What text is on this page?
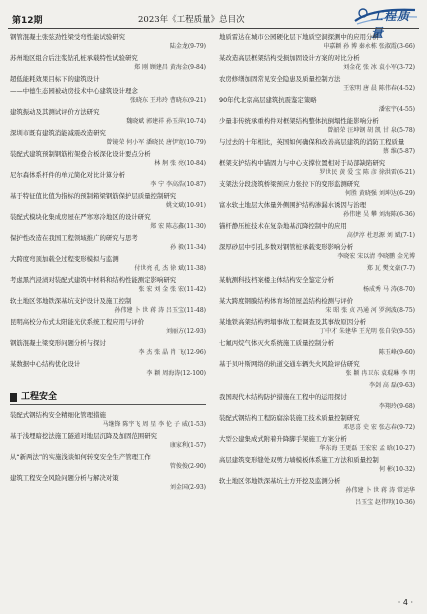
第12期	2023年《工程质量》总目次	工程质量
钢管混凝土张弦劲性梁受弯性能试验研究
陆金龙(9-79)
苏州地区组合后注浆钻孔桩承载特性试验研究
郑 刚 顾建昌 黄海金(9-84)
超低能耗效果目标下的建筑设计
——中德生态园被动房技术中心建筑设计理念
张晓东 王玮玲 曹晓东(9-21)
建筑振动及其测试评价方法研究
魏晓斌 郭建祥 孙玉萍(10-74)
深圳市既有建筑消能减震改造研究
曾镜荣 何小军 潘晓民 唐伊宽(10-79)
装配式建筑预制钢筋桁架叠合板深化设计要点分析
林 舸 张 亮(10-84)
尼尔森体系杆件的单元简化对比计算分析
李 宁 李高浩(10-87)
基于特征值比值为指标的预制箱梁钢筋保护层质量控制研究
姚文斌(10-91)
装配式模块化集成房屋在严寒寒冷地区的设计研究
郑 宏 陈志鑫(11-30)
保护性改造在我国工程领域推广的研究与思考
孙 毅(11-34)
大跨度弯顶加载全过程变形模拟与监测
付世亮 孔 杰 徐 斌(11-38)
考虑黑汽浸渍对装配式建筑中材料和结构性能测定影响研究
张 宏 刘 金 张 宏(11-42)
软土地区邻地铁深基坑支护设计及施工控制
孙伟建 卜 世 蒋 涛 吕玉宝(11-48)
昆明高校分布式太阳能光伏系统工程应用与评价
刘丽方(12-93)
钢筋混凝土梁变形问题分析与探讨
李 杰 张 晶 肖 飞(12-96)
某数据中心结构优化设计
李 颖 周海涛(12-100)
工程安全
装配式钢结构安全精细化管理措施
马继锋 陈宇飞 周 星 李 伦 子 威(1-53)
基于浅埋暗挖法施工隧道对地层沉降及加固范围研究
康家利(1-57)
从“新两法”的实施浅谈如何转变安全生产管理工作
管俊俊(2-90)
建筑工程安全风险问题分析与解决对策
刘金国(2-93)
地质雷达在城市公园硬化层下地质空洞探测中的应用分析
申嘉颖 孙 博 秦永栋 张淑霞(3-66)
某改造高层框架结构受损加固设计方案的对比分析
刘金花 张 冰 袁小军(3-72)
农房修缮加固常见安全隐患及质量控制方法
王宏明 唐 晨 陈伟春(4-52)
90年代北京高层建筑抗震鉴定策略
潘宏宇(4-55)
少量非传统承重构件对框架结构整体抗倒塌性能影响分析
曾韶荣 汪坤钢 胡 凯 甘 泉(5-78)
与过去的十年相比，英国如何确保和改善高层建筑的消防工程质量
蔡 维(5-87)
框架支护结构中锚固力与中心支撑位置相对于局部缺陷研究
罗世民 黄 爱 宝 陈 彦 徐洪雷(6-21)
支架法分段浇筑桥梁预应力张拉下的变形监测研究
何胜 黄晓强 刘坤达(6-29)
富水软土地层大体量外侧围护结构渗漏水诱因与治理
孙伟建 吴 攀 刘海陈(6-36)
锚杆静压桩技术在复杂地基沉降控制中的应用
高伊淳 杜思源 刘 斌(7-1)
深厚砂层中引孔多数对钢管桩承载变形影响分析
李晓宏 宋以清 李晓鹏 金光博
郑 瓦 樊文豪(7-7)
某航测科技档案楼主体结构安全鉴定分析
杨成秀 马 涛(8-70)
某大跨度钢膜结构体育场馆屋盖结构检测与评价
宋 昭 张 贞 冯通 河 罗润波(8-75)
某地铁高架结构坍塌事故工程调查及其事故原因分析
丁中才 朱建华 王光明 张自荣(9-55)
七氟丙烷气体灭火系统施工质量控制分析
陈玉峰(9-60)
基于贝叶斯网络的轨道交通车辆失火风险评估研究
张 颖 冉卫东 袁琨琳 李 明
李剑 高 磊(9-63)
我国现代木结构防护措施在工程中的运用探讨
李翔玲(9-68)
装配式钢结构工程防腐涂装施工技术质量控制研究
邓思喜 史 宏 张志春(9-72)
大型公建集成式附着升降脚手架施工方案分析
华东海 王更磊 王宏宏 孟 晗(10-27)
高层建筑变形缝处双剪力墙模板体系施工方法和质量控制
何 彬(10-32)
软土地区邻地铁深基坑土方开挖及监测分析
孙伟建 卜 世 蒋 涛 常运华
吕玉宝 赵伟明(10-36)
· 4 ·
